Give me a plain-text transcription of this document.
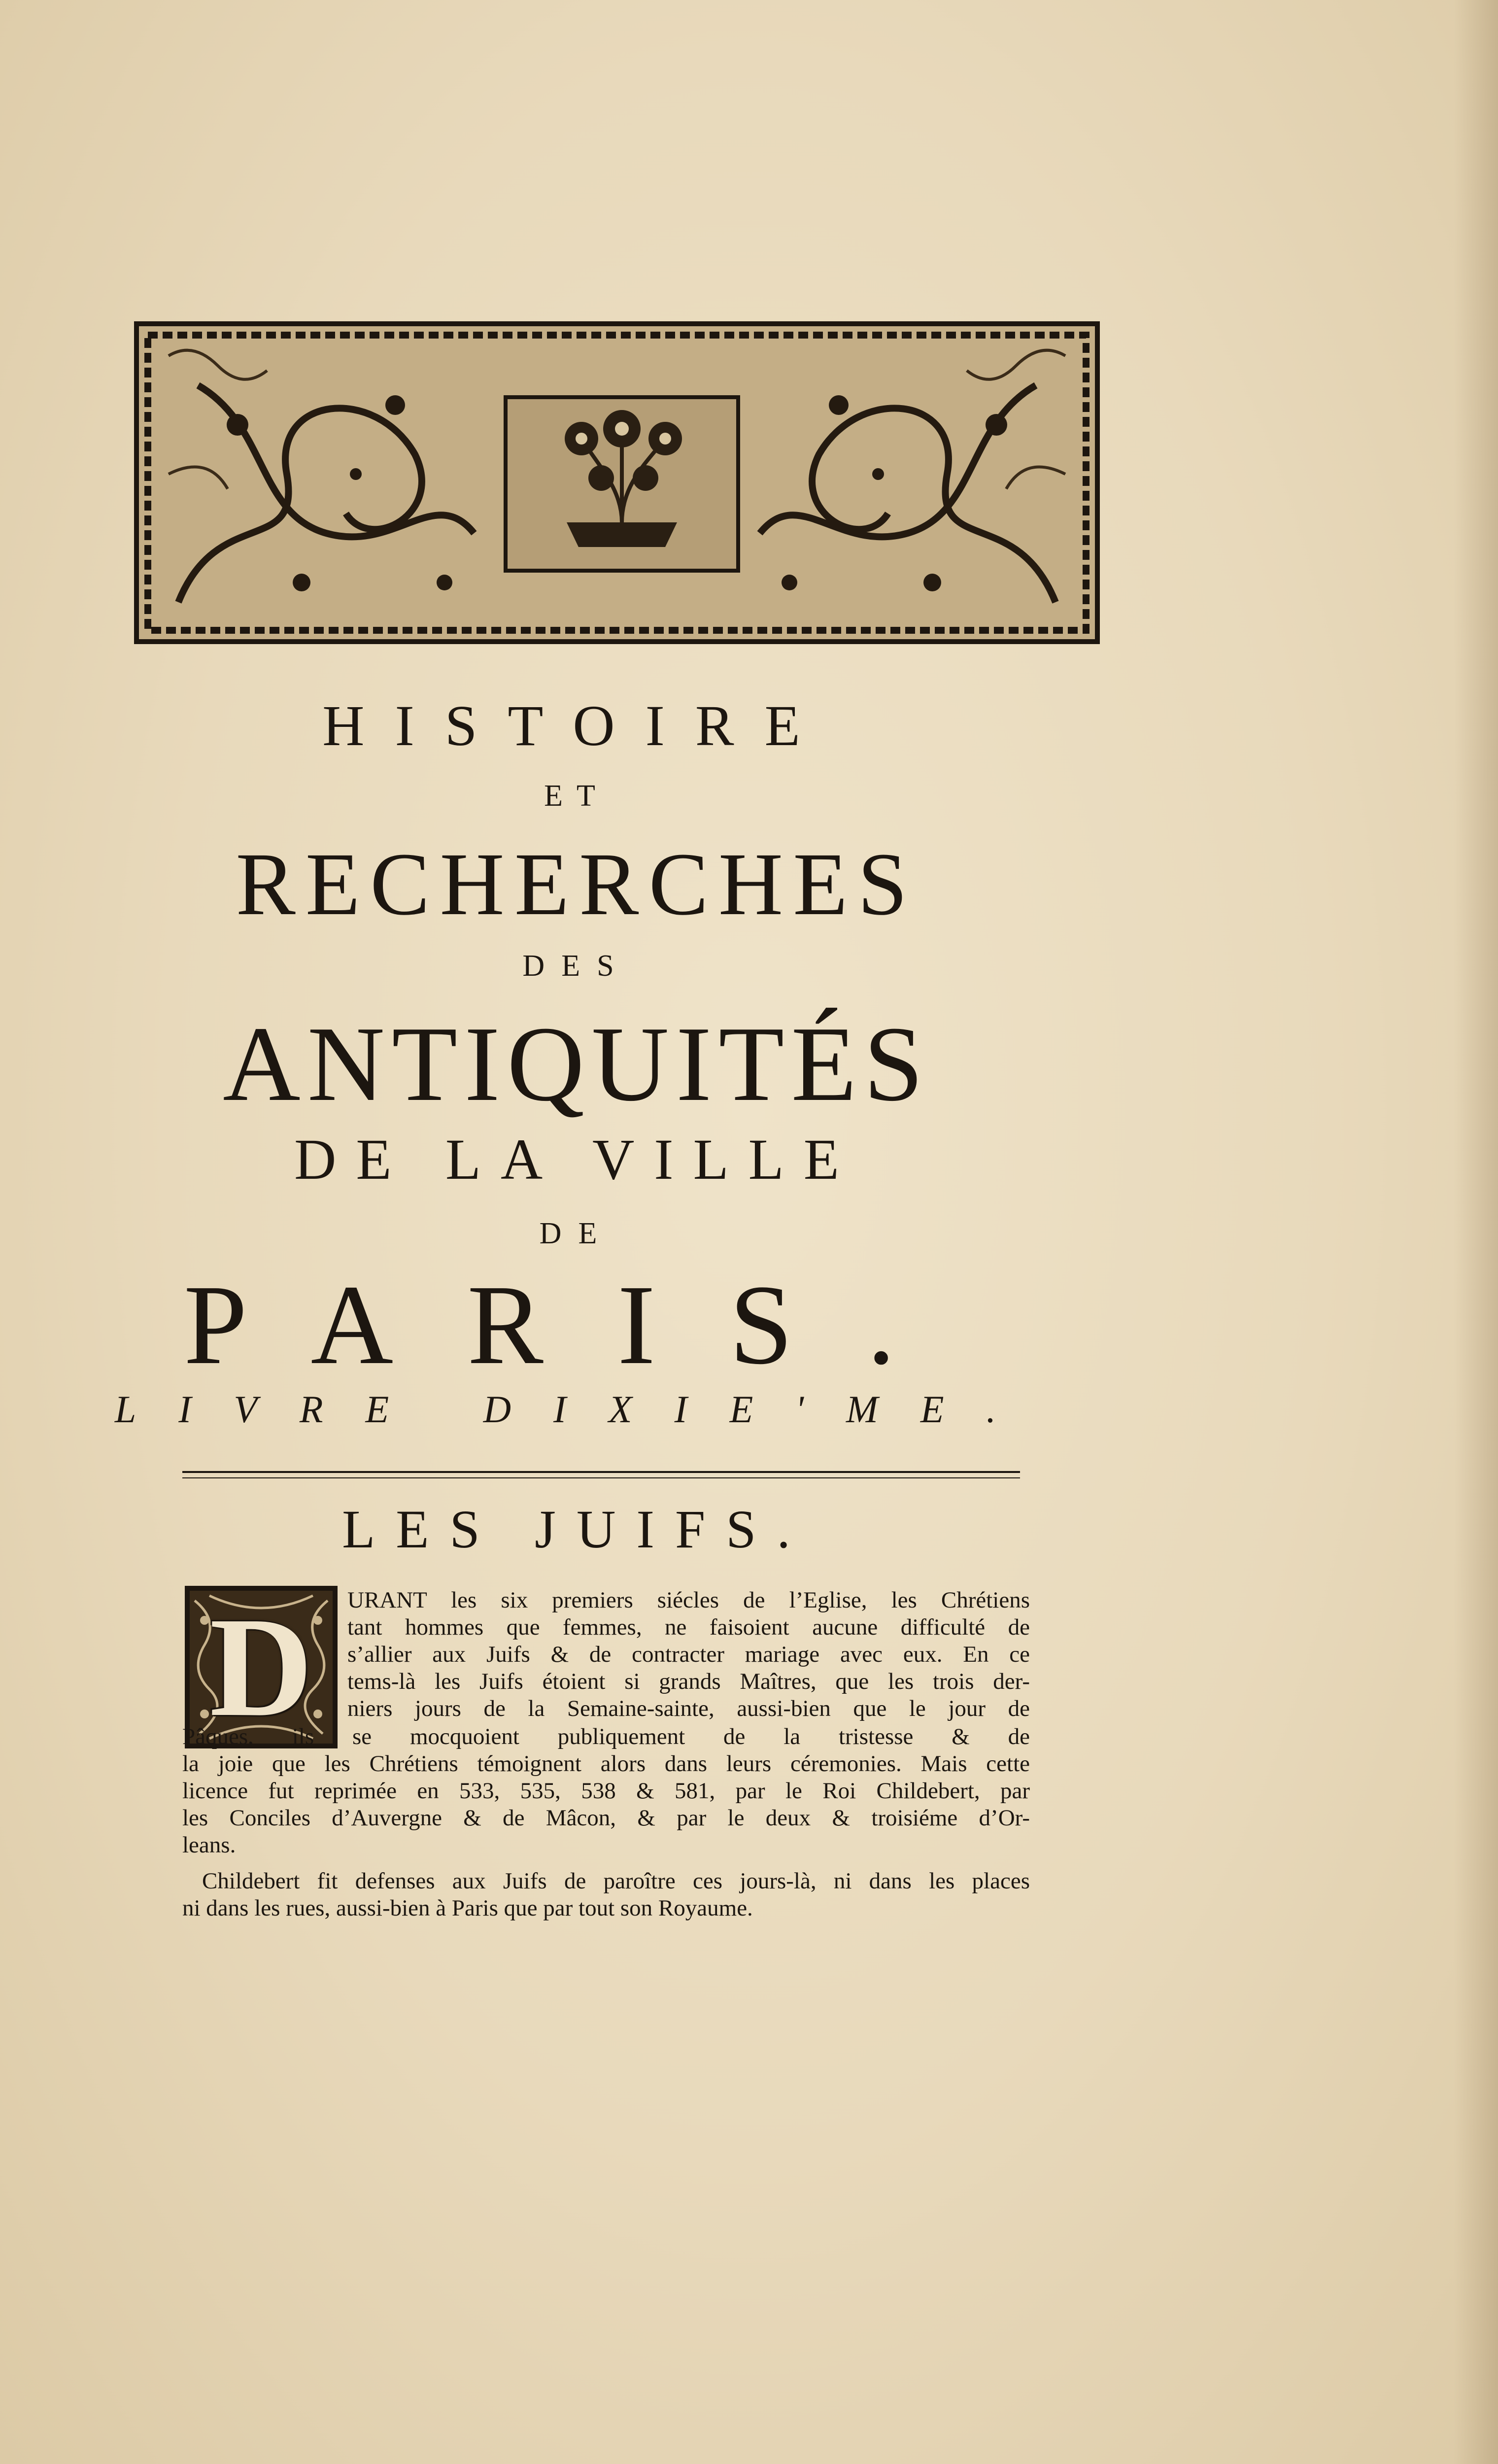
HISTOIRE
ET
RECHERCHES
DES
ANTIQUITÉS
DE LA VILLE
DE
PARIS.
LIVRE DIXIE'ME.
LES JUIFS.
D	URANT les six premiers siécles de l’Eglise, les Chrétiens
tant hommes que femmes, ne faisoient aucune difficulté de
s’allier aux Juifs & de contracter mariage avec eux. En ce
tems-là les Juifs étoient si grands Maîtres, que les trois der-
niers jours de la Semaine-sainte, aussi-bien que le jour de
Pâques, ils se mocquoient publiquement de la tristesse & de
la joie que les Chrétiens témoignent alors dans leurs céremonies. Mais cette
licence fut reprimée en 533, 535, 538 & 581, par le Roi Childebert, par
les Conciles d’Auvergne & de Mâcon, & par le deux & troisiéme d’Or-
leans.
Childebert fit defenses aux Juifs de paroître ces jours-là, ni dans les places
ni dans les rues, aussi-bien à Paris que par tout son Royaume.
